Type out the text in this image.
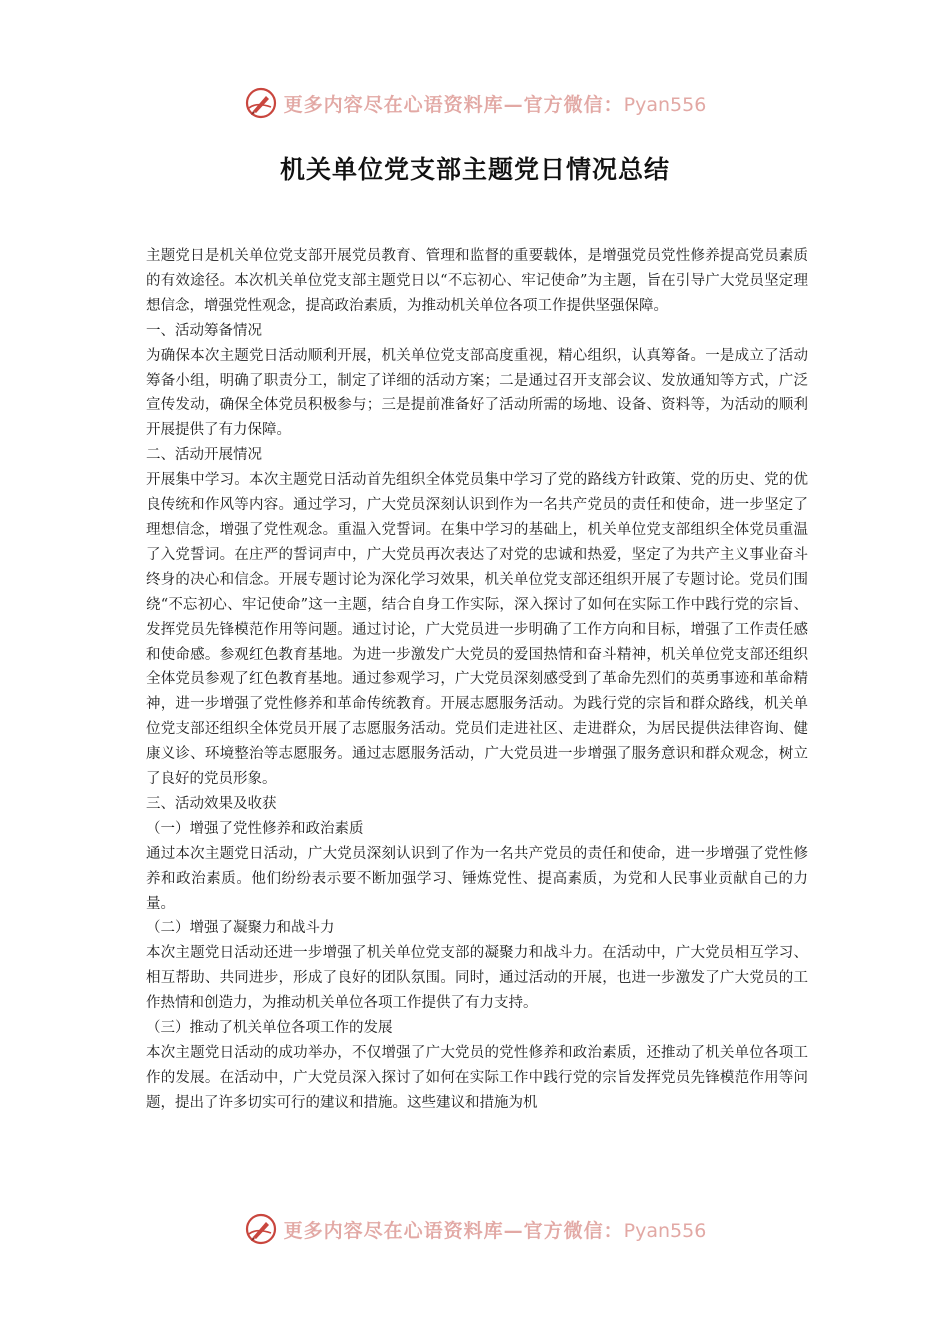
更多内容尽在心语资料库—官方微信：Pyan556
机关单位党支部主题党日情况总结

主题党日是机关单位党支部开展党员教育、管理和监督的重要载体，是增强党员党性修养提高党员素质的有效途径。本次机关单位党支部主题党日以“不忘初心、牢记使命”为主题，旨在引导广大党员坚定理想信念，增强党性观念，提高政治素质，为推动机关单位各项工作提供坚强保障。

一、活动筹备情况

为确保本次主题党日活动顺利开展，机关单位党支部高度重视，精心组织，认真筹备。一是成立了活动筹备小组，明确了职责分工，制定了详细的活动方案；二是通过召开支部会议、发放通知等方式，广泛宣传发动，确保全体党员积极参与；三是提前准备好了活动所需的场地、设备、资料等，为活动的顺利开展提供了有力保障。

二、活动开展情况

开展集中学习。本次主题党日活动首先组织全体党员集中学习了党的路线方针政策、党的历史、党的优良传统和作风等内容。通过学习，广大党员深刻认识到作为一名共产党员的责任和使命，进一步坚定了理想信念，增强了党性观念。重温入党誓词。在集中学习的基础上，机关单位党支部组织全体党员重温了入党誓词。在庄严的誓词声中，广大党员再次表达了对党的忠诚和热爱，坚定了为共产主义事业奋斗终身的决心和信念。开展专题讨论为深化学习效果，机关单位党支部还组织开展了专题讨论。党员们围绕“不忘初心、牢记使命”这一主题，结合自身工作实际，深入探讨了如何在实际工作中践行党的宗旨、发挥党员先锋模范作用等问题。通过讨论，广大党员进一步明确了工作方向和目标，增强了工作责任感和使命感。参观红色教育基地。为进一步激发广大党员的爱国热情和奋斗精神，机关单位党支部还组织全体党员参观了红色教育基地。通过参观学习，广大党员深刻感受到了革命先烈们的英勇事迹和革命精神，进一步增强了党性修养和革命传统教育。开展志愿服务活动。为践行党的宗旨和群众路线，机关单位党支部还组织全体党员开展了志愿服务活动。党员们走进社区、走进群众，为居民提供法律咨询、健康义诊、环境整治等志愿服务。通过志愿服务活动，广大党员进一步增强了服务意识和群众观念，树立了良好的党员形象。

三、活动效果及收获

（一）增强了党性修养和政治素质

通过本次主题党日活动，广大党员深刻认识到了作为一名共产党员的责任和使命，进一步增强了党性修养和政治素质。他们纷纷表示要不断加强学习、锤炼党性、提高素质，为党和人民事业贡献自己的力量。

（二）增强了凝聚力和战斗力

本次主题党日活动还进一步增强了机关单位党支部的凝聚力和战斗力。在活动中，广大党员相互学习、相互帮助、共同进步，形成了良好的团队氛围。同时，通过活动的开展，也进一步激发了广大党员的工作热情和创造力，为推动机关单位各项工作提供了有力支持。

（三）推动了机关单位各项工作的发展

本次主题党日活动的成功举办，不仅增强了广大党员的党性修养和政治素质，还推动了机关单位各项工作的发展。在活动中，广大党员深入探讨了如何在实际工作中践行党的宗旨发挥党员先锋模范作用等问题，提出了许多切实可行的建议和措施。这些建议和措施为机

更多内容尽在心语资料库—官方微信：Pyan556
